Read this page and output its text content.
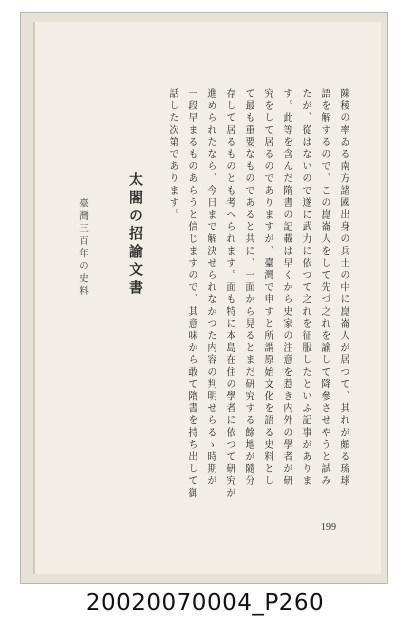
陳稜の率ゐる南方諸國出身の兵士の中に崑崙人が居つて、其れが頗る琉球
語を解するので、この崑崙人をして先づ之れを諭して降參させやうと試み
たが、從はないので遂に武力に依つて之れを征服したといふ記事がありま
す。此等を含んだ隋書の記載は早くから史家の注意を惹き内外の學者が研
究をして居るのでありますが、臺灣で申すと所謂原始文化を語る史料とし
て最も重要なものであると共に、一面から見るとまだ研究する餘地が隨分
存して居るものとも考へられます。面も特に本島在住の學者に依つて研究が
進められたなら、今日まで解決せられなかつた内容の判明せらるゝ時期が
一段早まるものあらうと信じますので、其意味から敢て隋書を持ち出して御
話した次第であります。
太閤の招諭文書
臺灣三百年の史料
199
20020070004_P260
